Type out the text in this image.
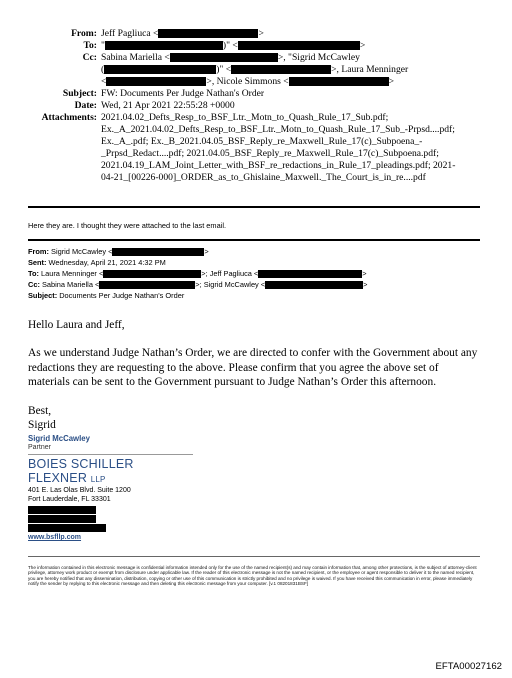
From: Jeff Pagliuca <	>
To: "	)" <	>
Cc: Sabina Mariella <	>, "Sigrid McCawley
(	)" <	>, Laura Menninger
<	>, Nicole Simmons <	>
Subject: FW: Documents Per Judge Nathan's Order
Date: Wed, 21 Apr 2021 22:55:28 +0000
Attachments: 2021.04.02_Defts_Resp_to_BSF_Ltr._Motn_to_Quash_Rule_17_Sub.pdf;
Ex._A_2021.04.02_Defts_Resp_to_BSF_Ltr._Motn_to_Quash_Rule_17_Sub_-Prpsd....pdf;
Ex._A_.pdf; Ex._B_2021.04.05_BSF_Reply_re_Maxwell_Rule_17(c)_Subpoena_-
_Prpsd_Redact....pdf; 2021.04.05_BSF_Reply_re_Maxwell_Rule_17(c)_Subpoena.pdf;
2021.04.19_LAM_Joint_Letter_with_BSF_re_redactions_in_Rule_17_pleadings.pdf; 2021-
04-21_[00226-000]_ORDER_as_to_Ghislaine_Maxwell._The_Court_is_in_re....pdf
Here they are. I thought they were attached to the last email.
From: Sigrid McCawley <	>
Sent: Wednesday, April 21, 2021 4:32 PM
To: Laura Menninger <	>; Jeff Pagliuca <	>
Cc: Sabina Mariella <	>; Sigrid McCawley <	>
Subject: Documents Per Judge Nathan's Order

Hello Laura and Jeff,

As we understand Judge Nathan’s Order, we are directed to confer with the Government about any redactions they are requesting to the above. Please confirm that you agree the above set of materials can be sent to the Government pursuant to Judge Nathan’s Order this afternoon.

Best,

Sigrid

Sigrid McCawley
Partner
BOIES SCHILLER FLEXNER LLP
401 E. Las Olas Blvd. Suite 1200
Fort Lauderdale, FL 33301
www.bsfllp.com
The information contained in this electronic message is confidential information intended only for the use of the named recipient(s) and may contain information that, among other protections, is the subject of attorney-client privilege, attorney work product or exempt from disclosure under applicable law. If the reader of this electronic message is not the named recipient, or the employee or agent responsible to deliver it to the named recipient, you are hereby notified that any dissemination, distribution, copying or other use of this communication is strictly prohibited and no privilege is waived. If you have received this communication in error, please immediately notify the sender by replying to this electronic message and then deleting this electronic message from your computer. [v.1 08201831BSF]
EFTA00027162
